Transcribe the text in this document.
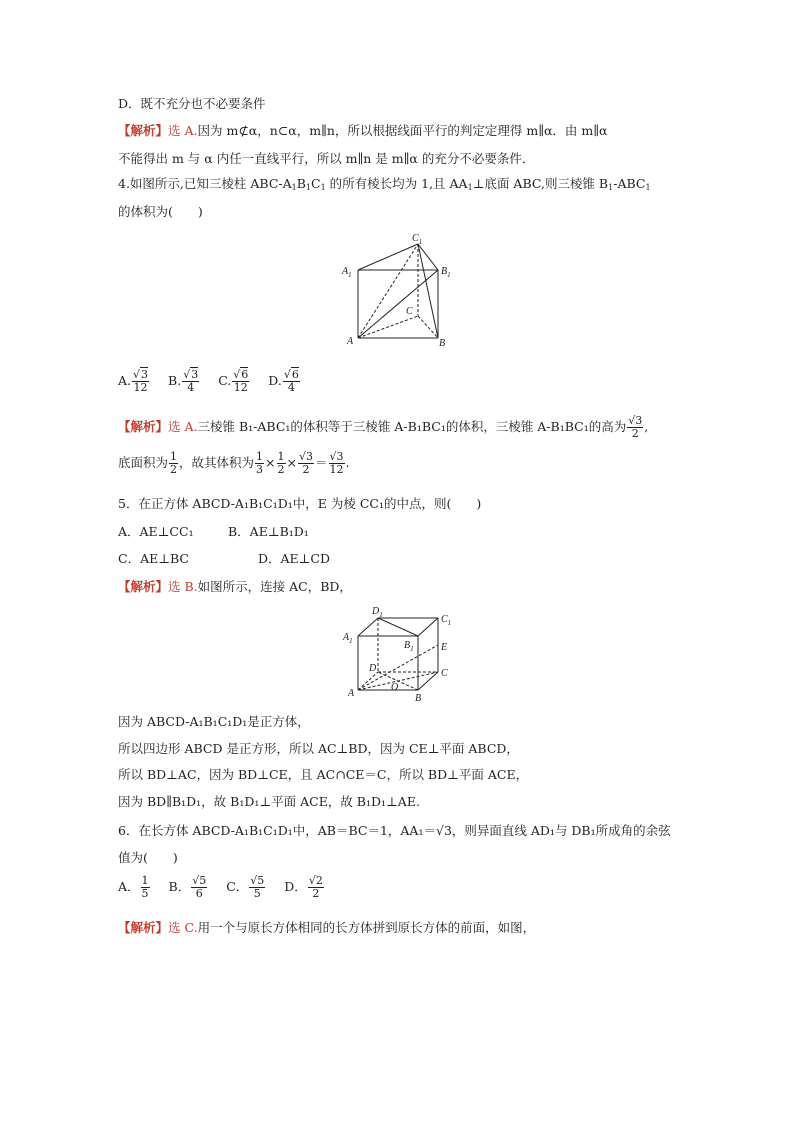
D．既不充分也不必要条件
【解析】选 A.因为 m⊄α，n⊂α，m∥n，所以根据线面平行的判定定理得 m∥α．由 m∥α
不能得出 m 与 α 内任一直线平行，所以 m∥n 是 m∥α 的充分不必要条件．
4.如图所示,已知三棱柱 ABC-$A_1B_1C_1$ 的所有棱长均为 1,且 $AA_1\perp$底面 ABC,则三棱锥 $B_1-ABC_1$
的体积为(　　)
$C_1$
$A_1$	$B_1$
C
A	B
A. $\frac{√3}{12} B$. $\frac{√3}{4} C$. $\frac{√6}{12} D$. $\frac{√6}{4}$
【解析】选 A.三棱锥 B₁-ABC₁的体积等于三棱锥 A-B₁BC₁的体积，三棱锥 A-B₁BC₁的高为 $\frac{√3}{2}$ ,
底面积为 $\frac{1}{2}$ ，故其体积为 $\frac{1}{3} \times \frac{1}{2} \times \frac{√3}{2} = \frac{√3}{12}$ .
5．在正方体 ABCD-A₁B₁C₁D₁中，E 为棱 CC₁的中点，则(　　)
A．AE⊥CC₁	B．AE⊥B₁D₁
C．AE⊥BC	D．AE⊥CD
【解析】选 B.如图所示，连接 AC，BD，
$D_1$	$C_1$
$A_1$	$B_1$	E
D	C
O
A	B
因为 ABCD-A₁B₁C₁D₁是正方体，
所以四边形 ABCD 是正方形，所以 AC⊥BD，因为 CE⊥平面 ABCD，
所以 BD⊥AC，因为 BD⊥CE，且 AC∩CE＝C，所以 BD⊥平面 ACE，
因为 BD∥B₁D₁，故 B₁D₁⊥平面 ACE，故 B₁D₁⊥AE.
6．在长方体 ABCD-A₁B₁C₁D₁中，AB＝BC＝1，AA₁＝√3，则异面直线 AD₁与 DB₁所成角的余弦
值为(　　)
A． $\frac{1}{5}$ B． $\frac{√5}{6}$ C． $\frac{√5}{5}$ D． $\frac{√2}{2}$
【解析】选 C.用一个与原长方体相同的长方体拼到原长方体的前面，如图，
